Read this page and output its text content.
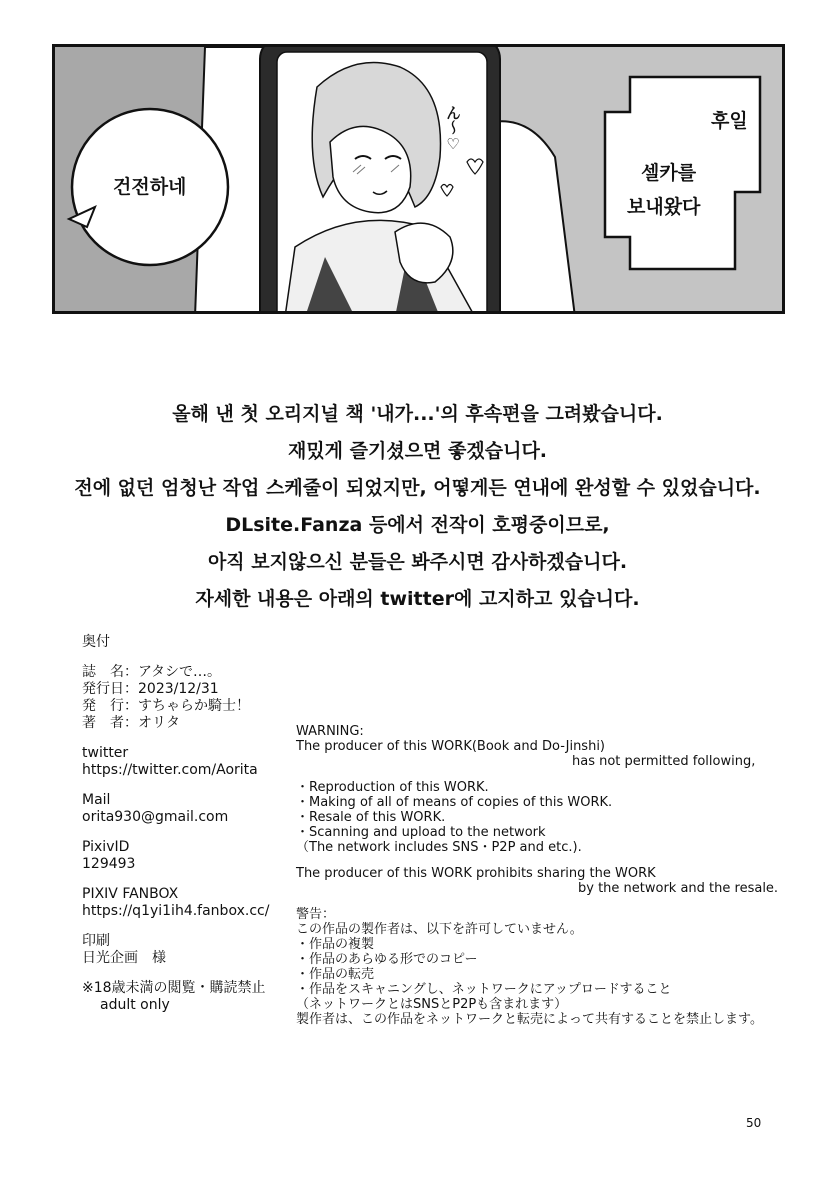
건전하네
후일
셀카를
보내왔다
ん〜♡

올해 낸 첫 오리지널 책 '내가...'의 후속편을 그려봤습니다.

재밌게 즐기셨으면 좋겠습니다.

전에 없던 엄청난 작업 스케줄이 되었지만, 어떻게든 연내에 완성할 수 있었습니다.

DLsite.Fanza 등에서 전작이 호평중이므로,

아직 보지않으신 분들은 봐주시면 감사하겠습니다.

자세한 내용은 아래의 twitter에 고지하고 있습니다.

奥付
誌　名：アタシで…。
発行日：2023/12/31
発　行：すちゃらか騎士！
著　者：オリタ
twitter
https://twitter.com/Aorita
Mail
orita930@gmail.com
PixivID
129493
PIXIV FANBOX
https://q1yi1ih4.fanbox.cc/
印刷
日光企画　様
※18歳未満の閲覧・購読禁止
adult only
WARNING:
The producer of this WORK(Book and Do-Jinshi)
has not permitted following,
・Reproduction of this WORK.
・Making of all of means of copies of this WORK.
・Resale of this WORK.
・Scanning and upload to the network
（The network includes SNS・P2P and etc.).
The producer of this WORK prohibits sharing the WORK
by the network and the resale.
警告：
この作品の製作者は、以下を許可していません。
・作品の複製
・作品のあらゆる形でのコピー
・作品の転売
・作品をスキャニングし、ネットワークにアップロードすること
（ネットワークとはSNSとP2Pも含まれます）
製作者は、この作品をネットワークと転売によって共有することを禁止します。
50
